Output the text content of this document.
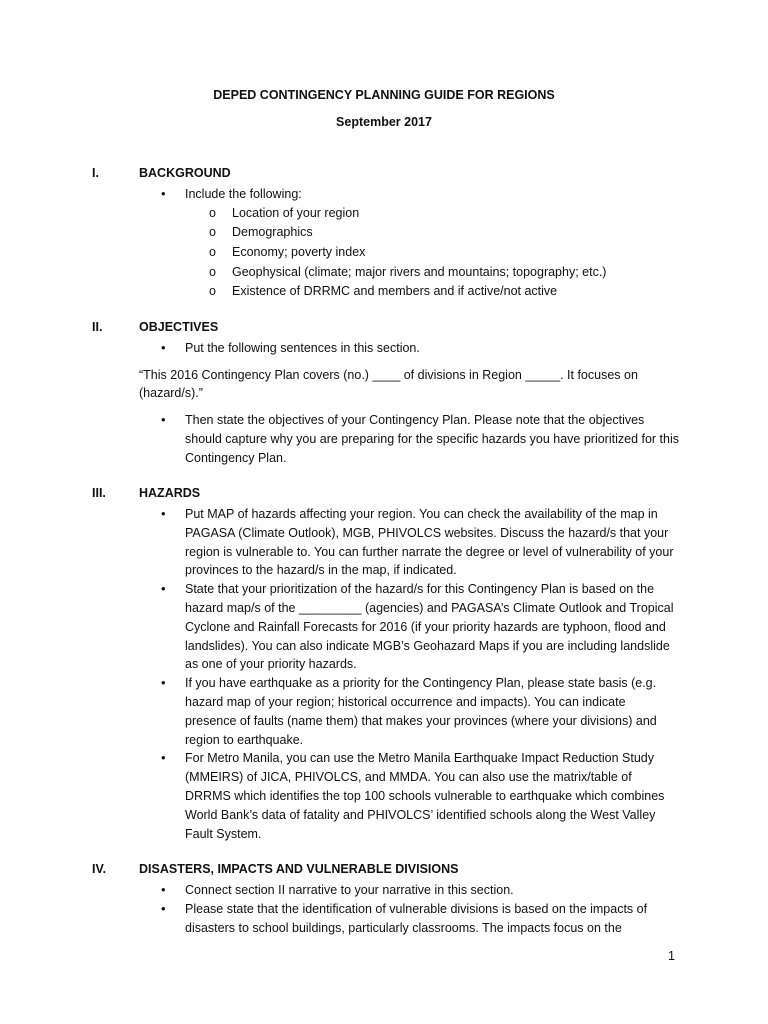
DEPED CONTINGENCY PLANNING GUIDE FOR REGIONS
September 2017
I.	BACKGROUND

• Include the following:

o Location of your region

o Demographics

o Economy; poverty index

o Geophysical (climate; major rivers and mountains; topography; etc.)

o Existence of DRRMC and members and if active/not active

II.	OBJECTIVES

• Put the following sentences in this section.

“This 2016 Contingency Plan covers (no.) ____ of divisions in Region _____. It focuses on (hazard/s).”

• Then state the objectives of your Contingency Plan. Please note that the objectives should capture why you are preparing for the specific hazards you have prioritized for this Contingency Plan.

III.	HAZARDS

• Put MAP of hazards affecting your region. You can check the availability of the map in PAGASA (Climate Outlook), MGB, PHIVOLCS websites. Discuss the hazard/s that your region is vulnerable to. You can further narrate the degree or level of vulnerability of your provinces to the hazard/s in the map, if indicated.

• State that your prioritization of the hazard/s for this Contingency Plan is based on the hazard map/s of the _________ (agencies) and PAGASA’s Climate Outlook and Tropical Cyclone and Rainfall Forecasts for 2016 (if your priority hazards are typhoon, flood and landslides). You can also indicate MGB’s Geohazard Maps if you are including landslide as one of your priority hazards.

• If you have earthquake as a priority for the Contingency Plan, please state basis (e.g. hazard map of your region; historical occurrence and impacts). You can indicate presence of faults (name them) that makes your provinces (where your divisions) and region to earthquake.

• For Metro Manila, you can use the Metro Manila Earthquake Impact Reduction Study (MMEIRS) of JICA, PHIVOLCS, and MMDA. You can also use the matrix/table of DRRMS which identifies the top 100 schools vulnerable to earthquake which combines World Bank’s data of fatality and PHIVOLCS’ identified schools along the West Valley Fault System.

IV.	DISASTERS, IMPACTS AND VULNERABLE DIVISIONS

• Connect section II narrative to your narrative in this section.

• Please state that the identification of vulnerable divisions is based on the impacts of disasters to school buildings, particularly classrooms. The impacts focus on the

1
